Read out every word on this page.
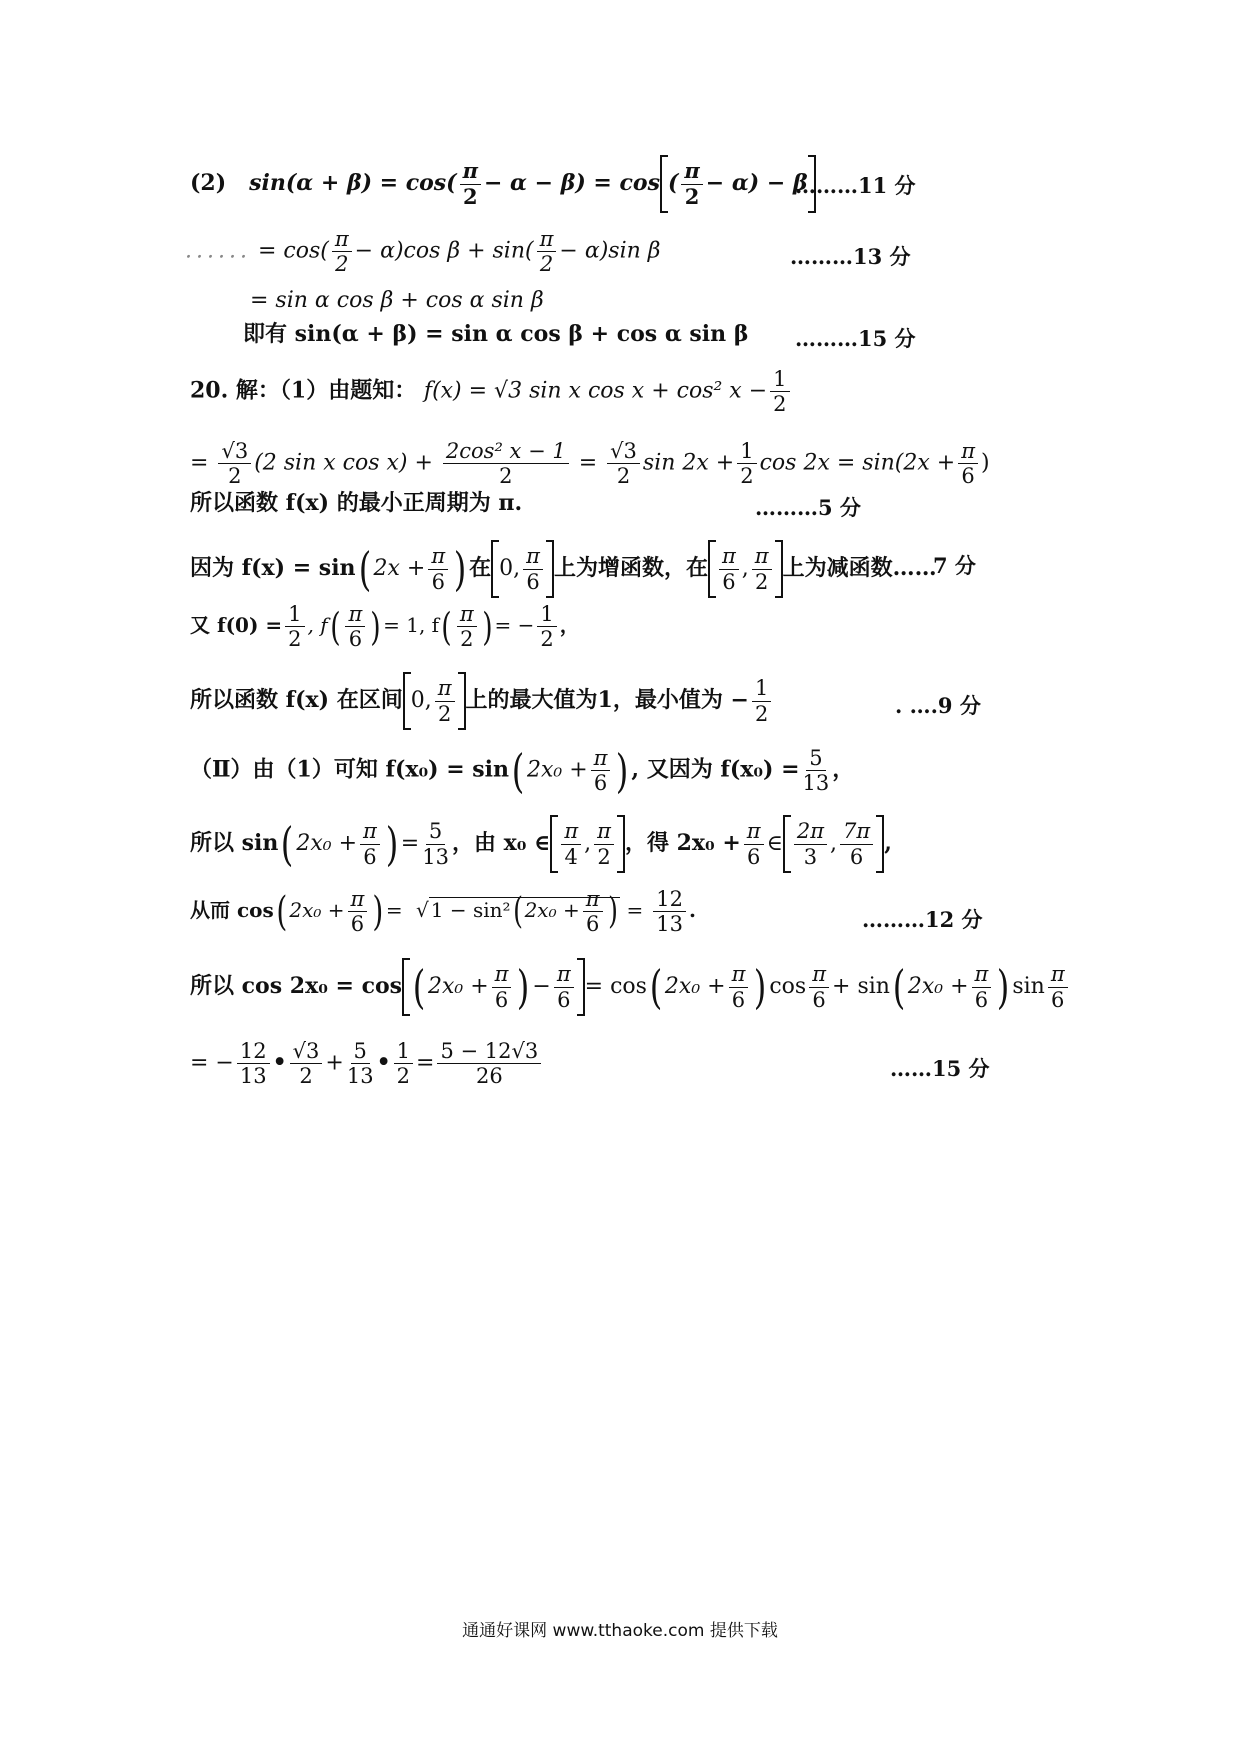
(2) $\sin(\alpha + \beta) = \cos( \frac{\pi}{2} - \alpha - \beta) = \cos$ ( $\frac{\pi}{2} - \alpha) - \beta$
………11 分
...... = $\cos( \frac{\pi}{2} - \alpha)\cos$ $\beta + \sin( \frac{\pi}{2} - \alpha)\sin$ β	………13 分
= sin α cos β + cos α sin β
即有 sin(α + β) = sin α cos β + cos α sin β ………15 分
20. 解：（1）由题知： f(x) = √3 sin x cos x + cos² $x - \frac{1}{2}$
= $\frac{√3}{2} (2$ sin x $\cos x) + \frac{\text{2cos² x − 1}}{2} = \frac{√3}{2}$ $\sin 2x + \frac{1}{2}$ $\cos 2x = \sin(2x + \frac{\pi}{6}$ )
所以函数 f(x) 的最小正周期为 π.	………5 分
因为 f(x) = sin( $2x + \frac{\pi}{6}$ ) 在 0, $\frac{\pi}{6}$ 上为增函数，在 $\frac{\pi}{6}$ , $\frac{\pi}{2}$ 上为减函数……
7 分
又 $f(0) = \frac{1}{2}$ , $f( \frac{\pi}{6}$ ) = 1, $f( \frac{\pi}{2}$ ) = − $\frac{1}{2}$ ，
所以函数 f(x) 在区间 0, $\frac{\pi}{2}$ 上的最大值为1，最小值为 − $\frac{1}{2}$	. ….9 分
（Ⅱ）由（1）可知 f(x₀) = sin( $2x_0 + \frac{\pi}{6}$ ) , 又因为 $f(x_0) = \frac{5}{13}$ ，
所以 sin( $2x_0 + \frac{\pi}{6}$ ) = $\frac{5}{13}$ ，由 x₀ ∈ $\frac{\pi}{4}$ , $\frac{\pi}{2}$ ，得 $2x_0 + \frac{\pi}{6}$ ∈ $\frac{2\pi}{3}$ , $\frac{7\pi}{6}$ ,
从而 cos( $2x_0 + \frac{\pi}{6}$ ) =  √ 1 − sin²( $2x_0 + \frac{\pi}{6}$ ) = $\frac{12}{13}$ .	………12 分
所以 cos 2x₀ = cos ( $2x_0 + \frac{\pi}{6}$ ) − $\frac{\pi}{6} = \cos$( $2x_0 + \frac{\pi}{6}$ ) $\cos \frac{\pi}{6} + \sin$( $2x_0 + \frac{\pi}{6}$ ) $\sin \frac{\pi}{6}$
= − $\frac{12}{13}$ • $\frac{√3}{2} + \frac{5}{13}$ • $\frac{1}{2} = \frac{5 - 12√3}{26}$	……15 分
通通好课网 www.tthaoke.com 提供下载
